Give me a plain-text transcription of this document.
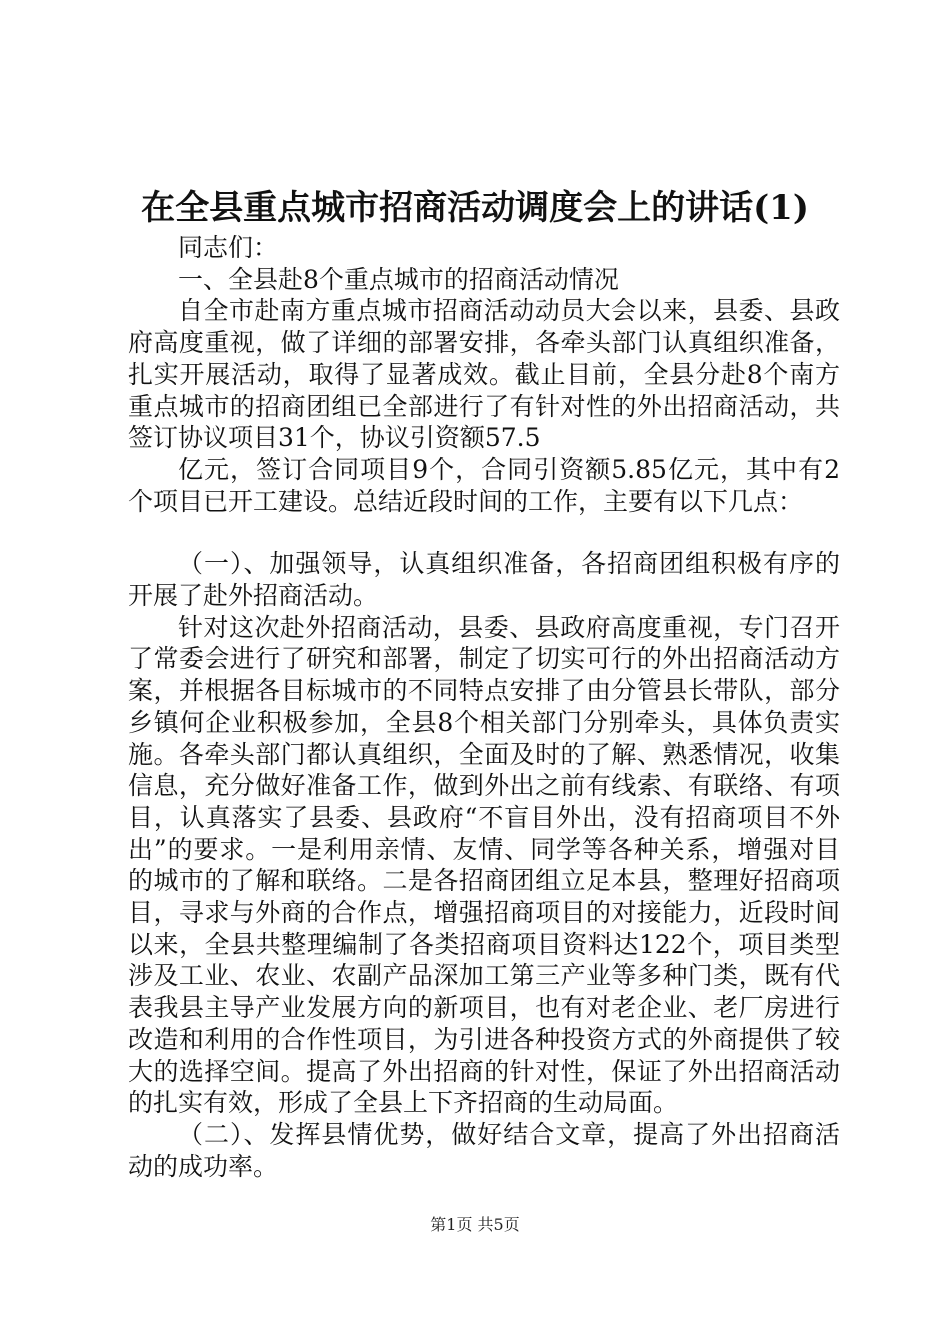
在全县重点城市招商活动调度会上的讲话(1)

同志们：

一、全县赴8个重点城市的招商活动情况

自全市赴南方重点城市招商活动动员大会以来，县委、县政府高度重视，做了详细的部署安排，各牵头部门认真组织准备，扎实开展活动，取得了显著成效。截止目前，全县分赴8个南方重点城市的招商团组已全部进行了有针对性的外出招商活动，共签订协议项目31个，协议引资额57.5

亿元，签订合同项目9个，合同引资额5.85亿元，其中有2个项目已开工建设。总结近段时间的工作，主要有以下几点：

（一）、加强领导，认真组织准备，各招商团组积极有序的开展了赴外招商活动。

针对这次赴外招商活动，县委、县政府高度重视，专门召开了常委会进行了研究和部署，制定了切实可行的外出招商活动方案，并根据各目标城市的不同特点安排了由分管县长带队，部分乡镇何企业积极参加，全县8个相关部门分别牵头，具体负责实施。各牵头部门都认真组织，全面及时的了解、熟悉情况，收集信息，充分做好准备工作，做到外出之前有线索、有联络、有项目，认真落实了县委、县政府“不盲目外出，没有招商项目不外出”的要求。一是利用亲情、友情、同学等各种关系，增强对目的城市的了解和联络。二是各招商团组立足本县，整理好招商项目，寻求与外商的合作点，增强招商项目的对接能力，近段时间以来，全县共整理编制了各类招商项目资料达122个，项目类型涉及工业、农业、农副产品深加工第三产业等多种门类，既有代表我县主导产业发展方向的新项目，也有对老企业、老厂房进行改造和利用的合作性项目，为引进各种投资方式的外商提供了较大的选择空间。提高了外出招商的针对性，保证了外出招商活动的扎实有效，形成了全县上下齐招商的生动局面。

（二）、发挥县情优势，做好结合文章，提高了外出招商活动的成功率。

第1页 共5页
